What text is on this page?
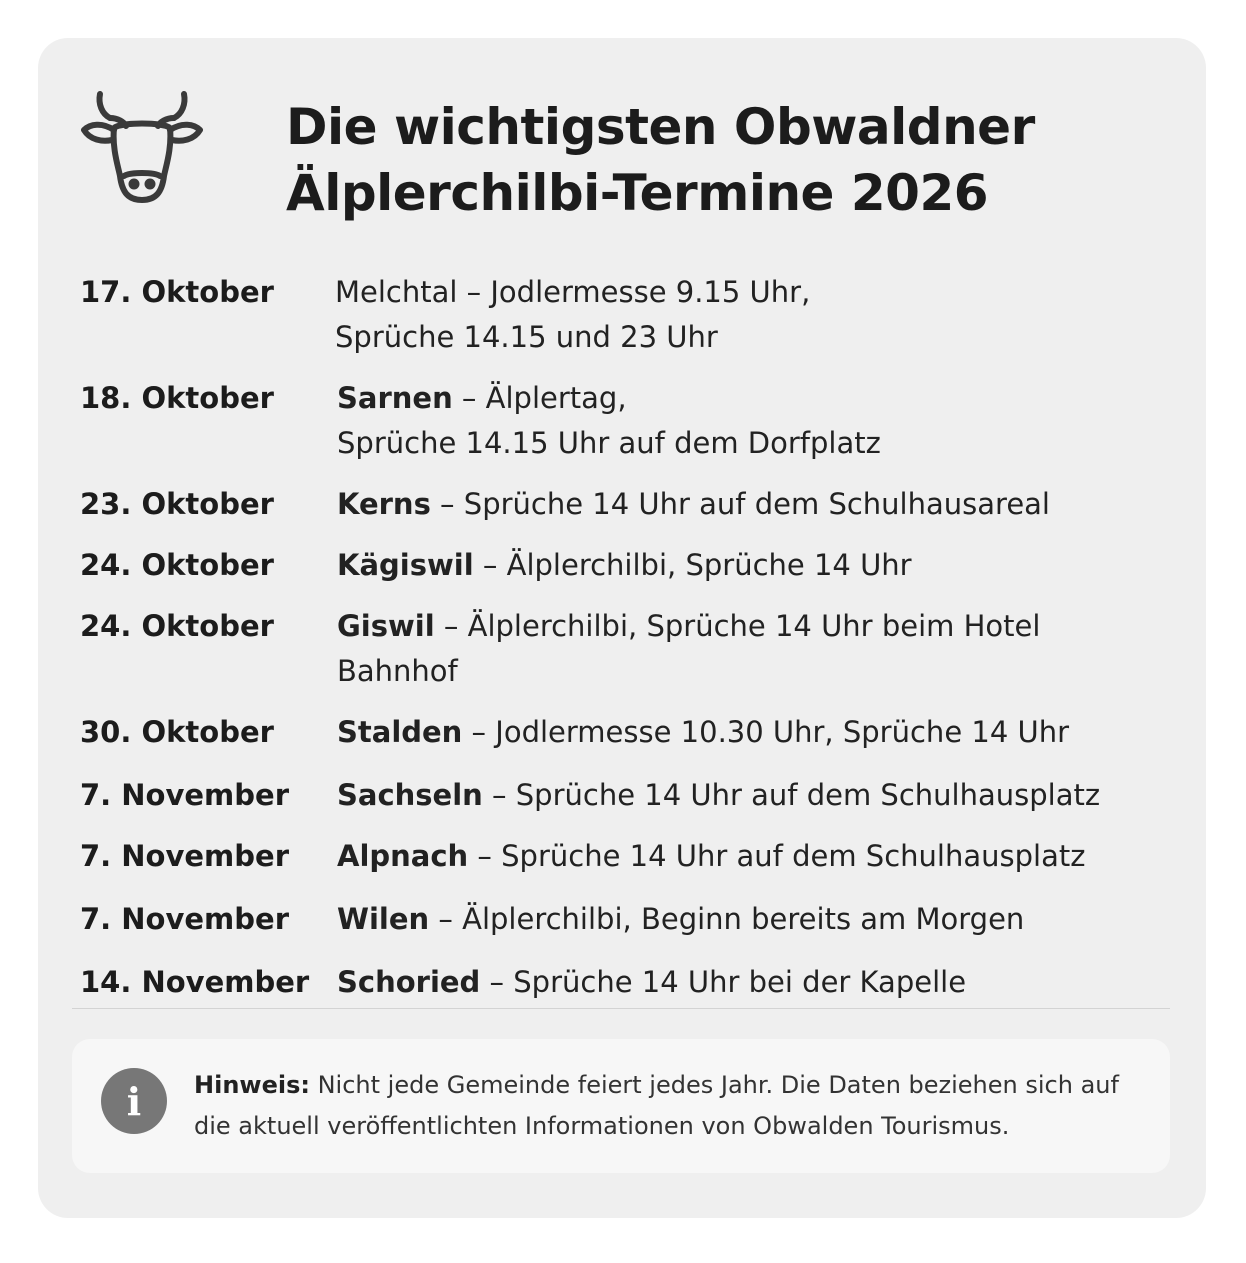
Die wichtigsten Obwaldner
Älplerchilbi-Termine 2026
17. Oktober	Melchtal – Jodlermesse 9.15 Uhr,
Sprüche 14.15 und 23 Uhr
18. Oktober	Sarnen – Älplertag,
Sprüche 14.15 Uhr auf dem Dorfplatz
23. Oktober	Kerns – Sprüche 14 Uhr auf dem Schulhausareal
24. Oktober	Kägiswil – Älplerchilbi, Sprüche 14 Uhr
24. Oktober	Giswil – Älplerchilbi, Sprüche 14 Uhr beim Hotel Bahnhof
30. Oktober	Stalden – Jodlermesse 10.30 Uhr, Sprüche 14 Uhr
7. November	Sachseln – Sprüche 14 Uhr auf dem Schulhausplatz
7. November	Alpnach – Sprüche 14 Uhr auf dem Schulhausplatz
7. November	Wilen – Älplerchilbi, Beginn bereits am Morgen
14. November Schoried – Sprüche 14 Uhr bei der Kapelle
i	Hinweis: Nicht jede Gemeinde feiert jedes Jahr. Die Daten beziehen sich auf die aktuell veröffentlichten Informationen von Obwalden Tourismus.
